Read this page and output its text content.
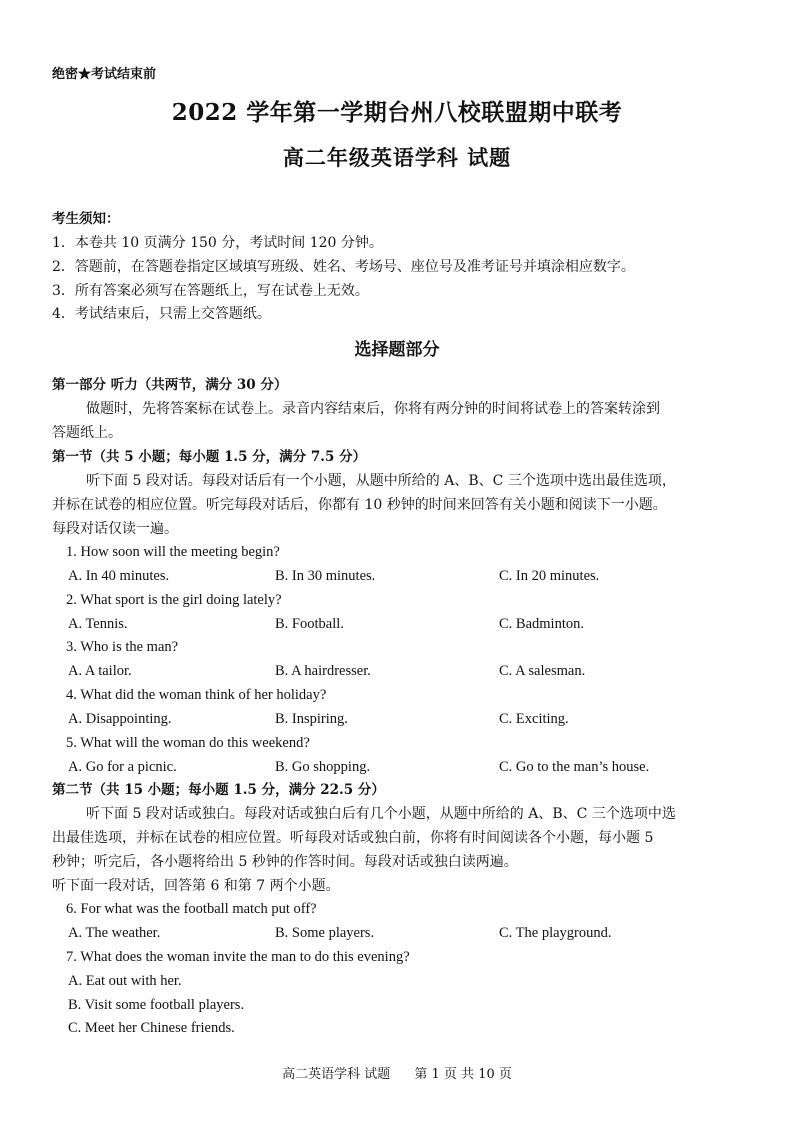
绝密★考试结束前
2022 学年第一学期台州八校联盟期中联考
高二年级英语学科 试题
考生须知：
1．本卷共 10 页满分 150 分，考试时间 120 分钟。
2．答题前，在答题卷指定区域填写班级、姓名、考场号、座位号及准考证号并填涂相应数字。
3．所有答案必须写在答题纸上，写在试卷上无效。
4．考试结束后，只需上交答题纸。
选择题部分
第一部分 听力（共两节，满分 30 分）
做题时，先将答案标在试卷上。录音内容结束后，你将有两分钟的时间将试卷上的答案转涂到
答题纸上。
第一节（共 5 小题；每小题 1.5 分，满分 7.5 分）
听下面 5 段对话。每段对话后有一个小题，从题中所给的 A、B、C 三个选项中选出最佳选项，
并标在试卷的相应位置。听完每段对话后，你都有 10 秒钟的时间来回答有关小题和阅读下一小题。
每段对话仅读一遍。
1. How soon will the meeting begin?
A. In 40 minutes.	B. In 30 minutes.	C. In 20 minutes.
2. What sport is the girl doing lately?
A. Tennis.	B. Football.	C. Badminton.
3. Who is the man?
A. A tailor.	B. A hairdresser.	C. A salesman.
4. What did the woman think of her holiday?
A. Disappointing.	B. Inspiring.	C. Exciting.
5. What will the woman do this weekend?
A. Go for a picnic.	B. Go shopping.	C. Go to the man’s house.
第二节（共 15 小题；每小题 1.5 分，满分 22.5 分）
听下面 5 段对话或独白。每段对话或独白后有几个小题，从题中所给的 A、B、C 三个选项中选
出最佳选项，并标在试卷的相应位置。听每段对话或独白前，你将有时间阅读各个小题，每小题 5
秒钟；听完后，各小题将给出 5 秒钟的作答时间。每段对话或独白读两遍。
听下面一段对话，回答第 6 和第 7 两个小题。
6. For what was the football match put off?
A. The weather.	B. Some players.	C. The playground.
7. What does the woman invite the man to do this evening?
A. Eat out with her.
B. Visit some football players.
C. Meet her Chinese friends.
高二英语学科 试题 第 1 页 共 10 页
